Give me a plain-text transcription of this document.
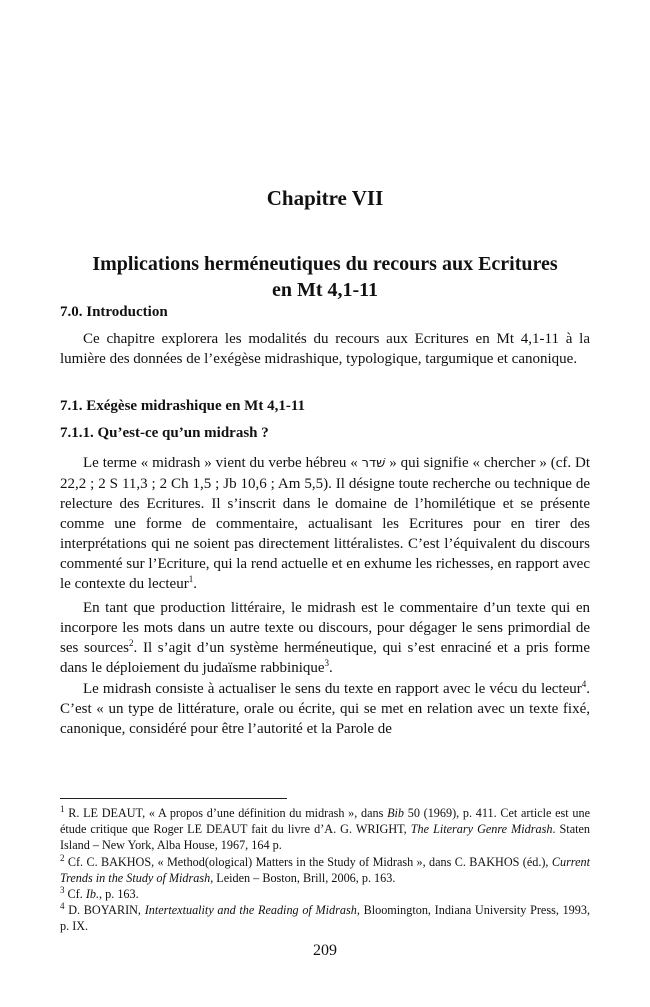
Chapitre VII
Implications herméneutiques du recours aux Ecritures
en Mt 4,1-11
7.0. Introduction
Ce chapitre explorera les modalités du recours aux Ecritures en Mt 4,1-11 à la lumière des données de l’exégèse midrashique, typologique, targumique et canonique.
7.1. Exégèse midrashique en Mt 4,1-11
7.1.1. Qu’est-ce qu’un midrash ?
Le terme « midrash » vient du verbe hébreu « שׁדר » qui signifie « chercher » (cf. Dt 22,2 ; 2 S 11,3 ; 2 Ch 1,5 ; Jb 10,6 ; Am 5,5). Il désigne toute recherche ou technique de relecture des Ecritures. Il s’inscrit dans le domaine de l’homilétique et se présente comme une forme de commentaire, actualisant les Ecritures pour en tirer des interprétations qui ne soient pas directement littéralistes. C’est l’équivalent du discours commenté sur l’Ecriture, qui la rend actuelle et en exhume les richesses, en rapport avec le contexte du lecteur$^1$.
En tant que production littéraire, le midrash est le commentaire d’un texte qui en incorpore les mots dans un autre texte ou discours, pour dégager le sens primordial de ses sources$^2$. Il s’agit d’un système herméneutique, qui s’est enraciné et a pris forme dans le déploiement du judaïsme rabbinique$^3$.
Le midrash consiste à actualiser le sens du texte en rapport avec le vécu du lecteur$^4$. C’est « un type de littérature, orale ou écrite, qui se met en relation avec un texte fixé, canonique, considéré pour être l’autorité et la Parole de
$^1$ R. LE DEAUT, « A propos d’une définition du midrash », dans Bib 50 (1969), p. 411. Cet article est une étude critique que Roger LE DEAUT fait du livre d’A. G. WRIGHT, The Literary Genre Midrash. Staten Island – New York, Alba House, 1967, 164 p.
$^2$ Cf. C. BAKHOS, « Method(ological) Matters in the Study of Midrash », dans C. BAKHOS (éd.), Current Trends in the Study of Midrash, Leiden – Boston, Brill, 2006, p. 163.
$^3$ Cf. Ib., p. 163.
$^4$ D. BOYARIN, Intertextuality and the Reading of Midrash, Bloomington, Indiana University Press, 1993, p. IX.
209
